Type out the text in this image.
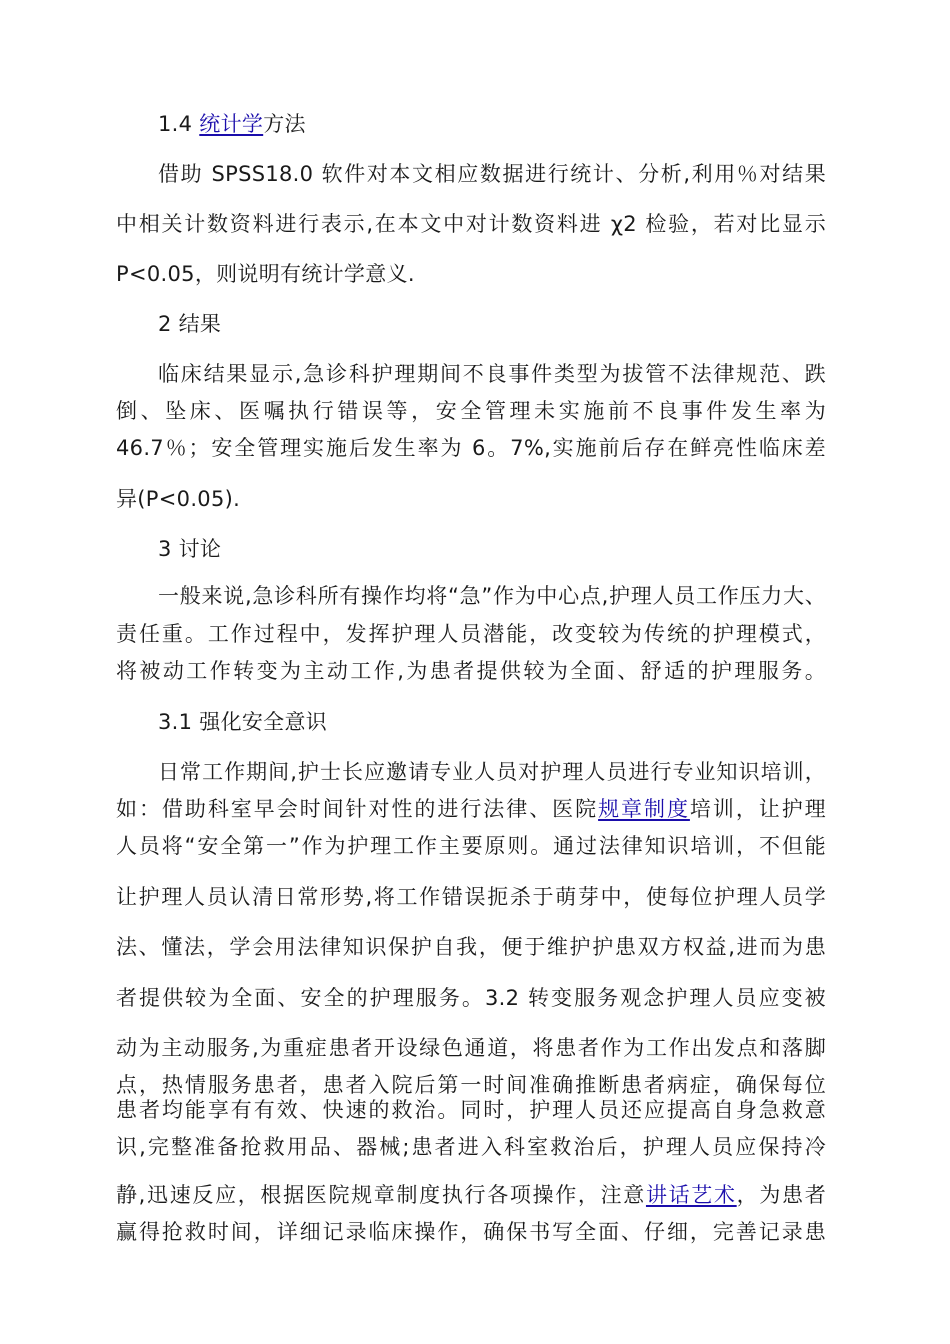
1.4 统计学方法
借助 SPSS18.0 软件对本文相应数据进行统计、分析,利用％对结果
中相关计数资料进行表示,在本文中对计数资料进 χ2 检验，若对比显示
P<0.05，则说明有统计学意义.
2 结果
临床结果显示,急诊科护理期间不良事件类型为拔管不法律规范、跌
倒、坠床、医嘱执行错误等，安全管理未实施前不良事件发生率为
46.7％；安全管理实施后发生率为 6。7%,实施前后存在鲜亮性临床差
异(P<0.05).
3 讨论
一般来说,急诊科所有操作均将“急”作为中心点,护理人员工作压力大、
责任重。工作过程中，发挥护理人员潜能，改变较为传统的护理模式，
将被动工作转变为主动工作,为患者提供较为全面、舒适的护理服务。
3.1 强化安全意识
日常工作期间,护士长应邀请专业人员对护理人员进行专业知识培训，
如：借助科室早会时间针对性的进行法律、医院规章制度培训，让护理
人员将“安全第一”作为护理工作主要原则。通过法律知识培训，不但能
让护理人员认清日常形势,将工作错误扼杀于萌芽中，使每位护理人员学
法、懂法，学会用法律知识保护自我，便于维护护患双方权益,进而为患
者提供较为全面、安全的护理服务。3.2 转变服务观念护理人员应变被
动为主动服务,为重症患者开设绿色通道，将患者作为工作出发点和落脚
点，热情服务患者，患者入院后第一时间准确推断患者病症，确保每位
患者均能享有有效、快速的救治。同时，护理人员还应提高自身急救意
识,完整准备抢救用品、器械;患者进入科室救治后，护理人员应保持冷
静,迅速反应，根据医院规章制度执行各项操作，注意讲话艺术，为患者
赢得抢救时间，详细记录临床操作，确保书写全面、仔细，完善记录患
